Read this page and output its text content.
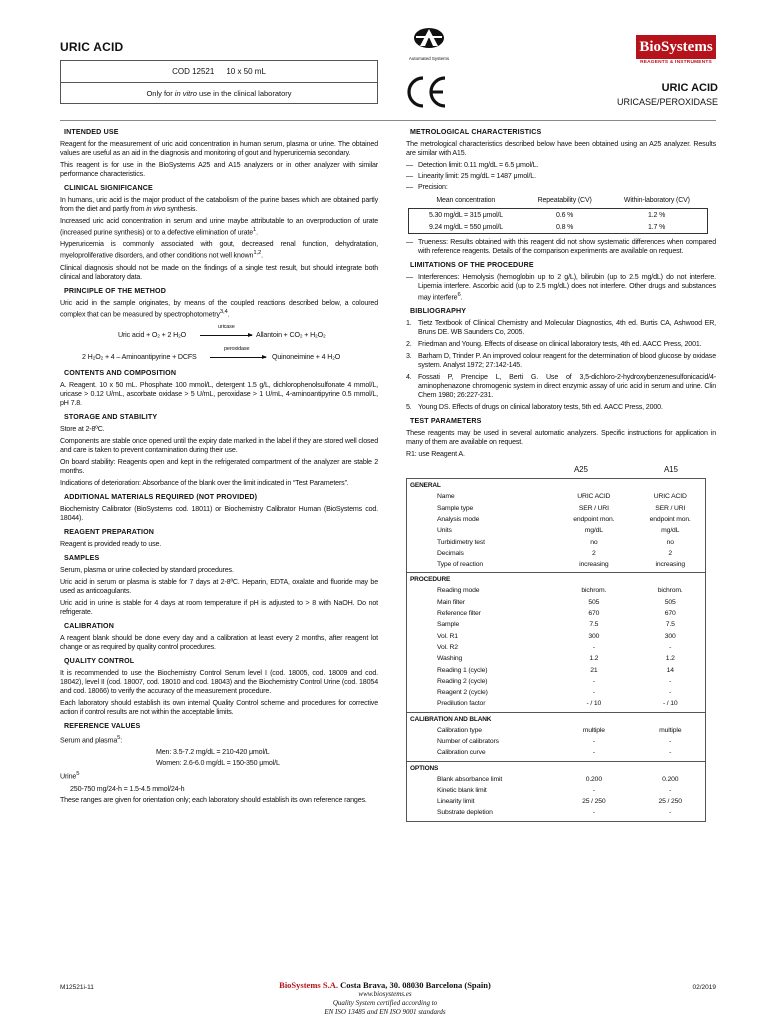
URIC ACID
COD 12521 10 x 50 mL
Only for in vitro use in the clinical laboratory
Automated Systems
BioSystems
REAGENTS & INSTRUMENTS
URIC ACID
URICASE/PEROXIDASE
INTENDED USE

Reagent for the measurement of uric acid concentration in human serum, plasma or urine. The obtained values are useful as an aid in the diagnosis and monitoring of gout and hyperuricemia secondary.

This reagent is for use in the BioSystems A25 and A15 analyzers or in other analyzer with similar performance characteristics.

CLINICAL SIGNIFICANCE

In humans, uric acid is the major product of the catabolism of the purine bases which are obtained partly from the diet and partly from in vivo synthesis.

Increased uric acid concentration in serum and urine maybe attributable to an overproduction of urate (increased purine synthesis) or to a defective elimination of urate$^1$.

Hyperuricemia is commonly associated with gout, decreased renal function, dehydratation, myeloproliferative disorders, and other conditions not well known$^{1,2}$.

Clinical diagnosis should not be made on the findings of a single test result, but should integrate both clinical and laboratory data.

PRINCIPLE OF THE METHOD

Uric acid in the sample originates, by means of the coupled reactions described below, a coloured complex that can be measured by spectrophotometry$^{3,4}$.

Uric acid + O₂ + 2 H₂O
uricase
Allantoin + CO₂ + H₂O₂
2 H₂O₂ + 4 – Aminoantipyrine + DCFS
peroxidase
Quinoneimine + 4 H₂O
CONTENTS AND COMPOSITION

A. Reagent. 10 x 50 mL. Phosphate 100 mmol/L, detergent 1.5 g/L, dichlorophenolsulfonate 4 mmol/L, uricase > 0.12 U/mL, ascorbate oxidase > 5 U/mL, peroxidase > 1 U/mL, 4-aminoantipyrine 0.5 mmol/L, pH 7.8.

STORAGE AND STABILITY

Store at 2-8ºC.

Components are stable once opened until the expiry date marked in the label if they are stored well closed and care is taken to prevent contamination during their use.

On board stability: Reagents open and kept in the refrigerated compartment of the analyzer are stable 2 months.

Indications of deterioration: Absorbance of the blank over the limit indicated in “Test Parameters”.

ADDITIONAL MATERIALS REQUIRED (NOT PROVIDED)

Biochemistry Calibrator (BioSystems cod. 18011) or Biochemistry Calibrator Human (BioSystems cod. 18044).

REAGENT PREPARATION

Reagent is provided ready to use.

SAMPLES

Serum, plasma or urine collected by standard procedures.

Uric acid in serum or plasma is stable for 7 days at 2-8ºC. Heparin, EDTA, oxalate and fluoride may be used as anticoagulants.

Uric acid in urine is stable for 4 days at room temperature if pH is adjusted to > 8 with NaOH. Do not refrigerate.

CALIBRATION

A reagent blank should be done every day and a calibration at least every 2 months, after reagent lot change or as required by quality control procedures.

QUALITY CONTROL

It is recommended to use the Biochemistry Control Serum level I (cod. 18005, cod. 18009 and cod. 18042), level II (cod. 18007, cod. 18010 and cod. 18043) and the Biochemistry Control Urine (cod. 18054 and cod. 18066) to verify the accuracy of the measurement procedure.

Each laboratory should establish its own internal Quality Control scheme and procedures for corrective action if control results are not within the acceptable limits.

REFERENCE VALUES

Serum and plasma$^5$:

Men: 3.5-7.2 mg/dL = 210-420 μmol/L

Women: 2.6-6.0 mg/dL = 150-350 μmol/L

Urine$^5$

250-750 mg/24-h = 1.5-4.5 mmol/24-h

These ranges are given for orientation only; each laboratory should establish its own reference ranges.

METROLOGICAL CHARACTERISTICS

The metrological characteristics described below have been obtained using an A25 analyzer. Results are similar with A15.

— Detection limit: 0.11 mg/dL = 6.5 μmol/L.
— Linearity limit: 25 mg/dL = 1487 μmol/L.
— Precision:
Mean concentration	Repeatability (CV)	Within-laboratory (CV)
5.30 mg/dL = 315 μmol/L	0.6 %	1.2 %
9.24 mg/dL = 550 μmol/L	0.8 %	1.7 %
— Trueness: Results obtained with this reagent did not show systematic differences when compared with reference reagents. Details of the comparison experiments are available on request.
LIMITATIONS OF THE PROCEDURE
— Interferences: Hemolysis (hemoglobin up to 2 g/L), bilirubin (up to 2.5 mg/dL) do not interfere. Lipemia interfere. Ascorbic acid (up to 2.5 mg/dL) does not interfere. Other drugs and substances may interfere$^6$.
BIBLIOGRAPHY
1. Tietz Textbook of Clinical Chemistry and Molecular Diagnostics, 4th ed. Burtis CA, Ashwood ER, Bruns DE. WB Saunders Co, 2005.
2. Friedman and Young. Effects of disease on clinical laboratory tests, 4th ed. AACC Press, 2001.
3. Barham D, Trinder P. An improved colour reagent for the determination of blood glucose by oxidase system. Analyst 1972; 27:142-145.
4. Fossati P, Prencipe L, Berti G. Use of 3,5-dichloro-2-hydroxybenzenesulfonicacid/4-aminophenazone chromogenic system in direct enzymic assay of uric acid in serum and urine. Clin Chem 1980; 26:227-231.
5. Young DS. Effects of drugs on clinical laboratory tests, 5th ed. AACC Press, 2000.
TEST PARAMETERS

These reagents may be used in several automatic analyzers. Specific instructions for application in many of them are available on request.

R1: use Reagent A.

A25	A15
GENERAL
Name	URIC ACID	URIC ACID
Sample type	SER / URI	SER / URI
Analysis mode	endpoint mon.	endpoint mon.
Units	mg/dL	mg/dL
Turbidimetry test	no	no
Decimals	2	2
Type of reaction	increasing	increasing
PROCEDURE
Reading mode	bichrom.	bichrom.
Main filter	505	505
Reference filter	670	670
Sample	7.5	7.5
Vol. R1	300	300
Vol. R2	-	-
Washing	1.2	1.2
Reading 1 (cycle)	21	14
Reading 2 (cycle)	-	-
Reagent 2 (cycle)	-	-
Predilution factor	- / 10	- / 10
CALIBRATION AND BLANK
Calibration type	multiple	multiple
Number of calibrators	-	-
Calibration curve	-	-
OPTIONS
Blank absorbance limit	0.200	0.200
Kinetic blank limit	-	-
Linearity limit	25 / 250	25 / 250
Substrate depletion	-	-
M12521i-11	BioSystems S.A. Costa Brava, 30. 08030 Barcelona (Spain)
www.biosystems.es
Quality System certified according to
EN ISO 13485 and EN ISO 9001 standards
02/2019
